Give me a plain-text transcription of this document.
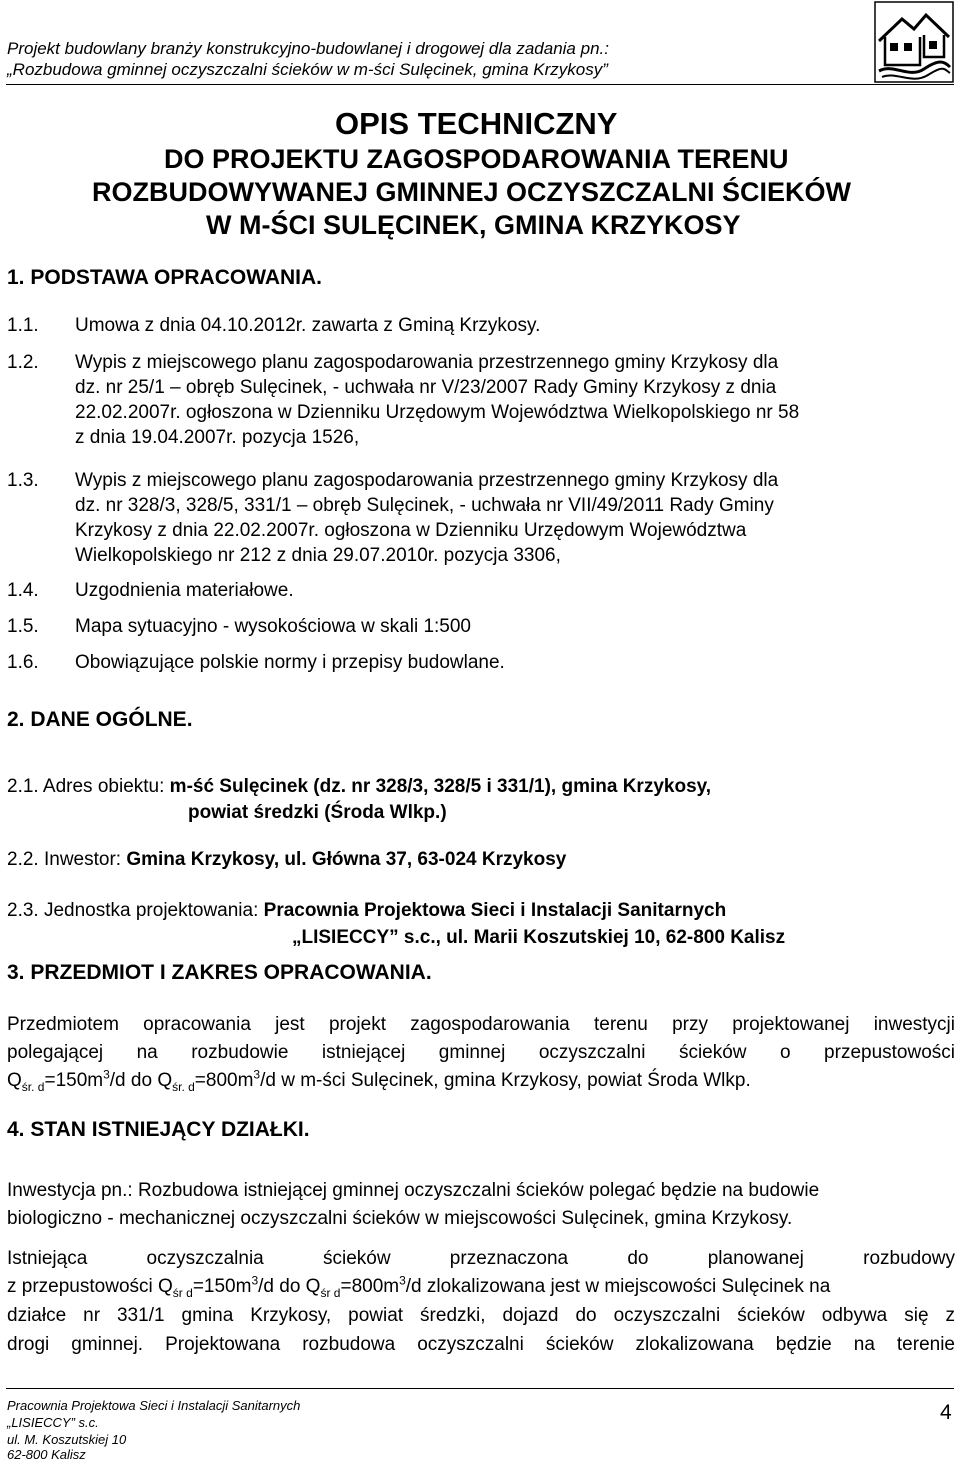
Projekt budowlany branży konstrukcyjno-budowlanej i drogowej dla zadania pn.:
„Rozbudowa gminnej oczyszczalni ścieków w m-ści Sulęcinek, gmina Krzykosy”
OPIS TECHNICZNY
DO PROJEKTU ZAGOSPODAROWANIA TERENU
ROZBUDOWYWANEJ GMINNEJ OCZYSZCZALNI ŚCIEKÓW
W M-ŚCI SULĘCINEK, GMINA KRZYKOSY
1. PODSTAWA OPRACOWANIA.
1.1. Umowa z dnia 04.10.2012r. zawarta z Gminą Krzykosy.
1.2. Wypis z miejscowego planu zagospodarowania przestrzennego gminy Krzykosy dla
dz. nr 25/1 – obręb Sulęcinek, - uchwała nr V/23/2007 Rady Gminy Krzykosy z dnia
22.02.2007r. ogłoszona w Dzienniku Urzędowym Województwa Wielkopolskiego nr 58
z dnia 19.04.2007r. pozycja 1526,
1.3. Wypis z miejscowego planu zagospodarowania przestrzennego gminy Krzykosy dla
dz. nr 328/3, 328/5, 331/1 – obręb Sulęcinek, - uchwała nr VII/49/2011 Rady Gminy
Krzykosy z dnia 22.02.2007r. ogłoszona w Dzienniku Urzędowym Województwa
Wielkopolskiego nr 212 z dnia 29.07.2010r. pozycja 3306,
1.4. Uzgodnienia materiałowe.
1.5. Mapa sytuacyjno - wysokościowa w skali 1:500
1.6. Obowiązujące polskie normy i przepisy budowlane.
2. DANE OGÓLNE.
2.1. Adres obiektu: m-ść Sulęcinek (dz. nr 328/3, 328/5 i 331/1), gmina Krzykosy,
powiat średzki (Środa Wlkp.)
2.2. Inwestor: Gmina Krzykosy, ul. Główna 37, 63-024 Krzykosy
2.3. Jednostka projektowania: Pracownia Projektowa Sieci i Instalacji Sanitarnych
„LISIECCY” s.c., ul. Marii Koszutskiej 10, 62-800 Kalisz
3. PRZEDMIOT I ZAKRES OPRACOWANIA.
Przedmiotem opracowania jest projekt zagospodarowania terenu przy projektowanej inwestycji
polegającej na rozbudowie istniejącej gminnej oczyszczalni ścieków o przepustowości
$Q_{śr. d}=150m^3/d$ do $Q_{śr. d}=800m^3/d$ w m-ści Sulęcinek, gmina Krzykosy, powiat Środa Wlkp.
4. STAN ISTNIEJĄCY DZIAŁKI.
Inwestycja pn.: Rozbudowa istniejącej gminnej oczyszczalni ścieków polegać będzie na budowie
biologiczno - mechanicznej oczyszczalni ścieków w miejscowości Sulęcinek, gmina Krzykosy.
Istniejąca oczyszczalnia ścieków przeznaczona do planowanej rozbudowy
z przepustowości $Q_{śr d}=150m^3/d$ do $Q_{śr d}=800m^3/d$ zlokalizowana jest w miejscowości Sulęcinek na
działce nr 331/1 gmina Krzykosy, powiat średzki, dojazd do oczyszczalni ścieków odbywa się z
drogi gminnej. Projektowana rozbudowa oczyszczalni ścieków zlokalizowana będzie na terenie
Pracownia Projektowa Sieci i Instalacji Sanitarnych
„LISIECCY” s.c.
ul. M. Koszutskiej 10
62-800 Kalisz
4
